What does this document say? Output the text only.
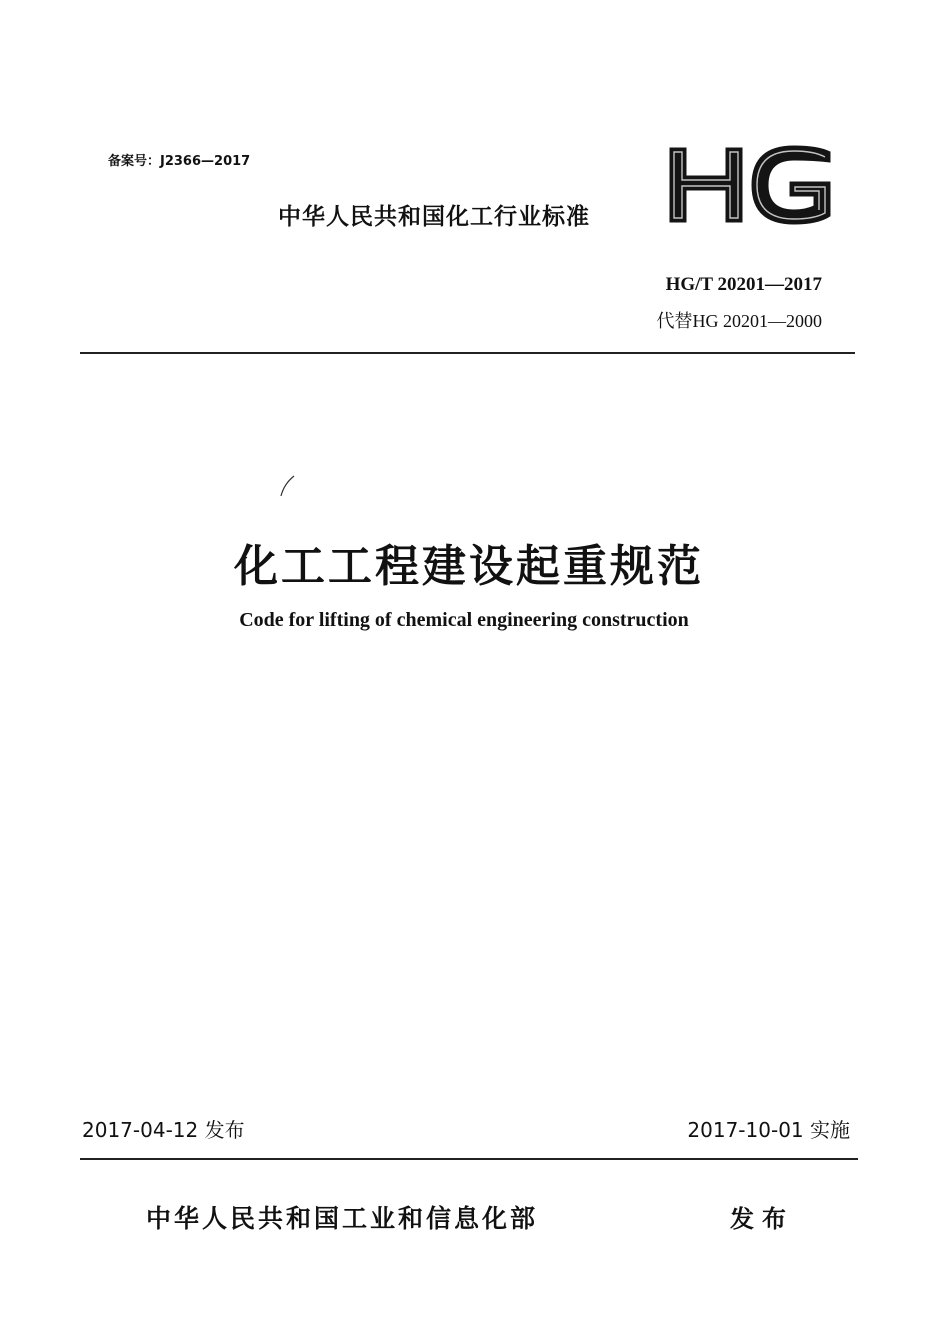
备案号：J2366—2017
中华人民共和国化工行业标准
HG/T 20201—2017
代替HG 20201—2000
化工工程建设起重规范
Code for lifting of chemical engineering construction
2017-04-12 发布	2017-10-01 实施
中华人民共和国工业和信息化部	发布
